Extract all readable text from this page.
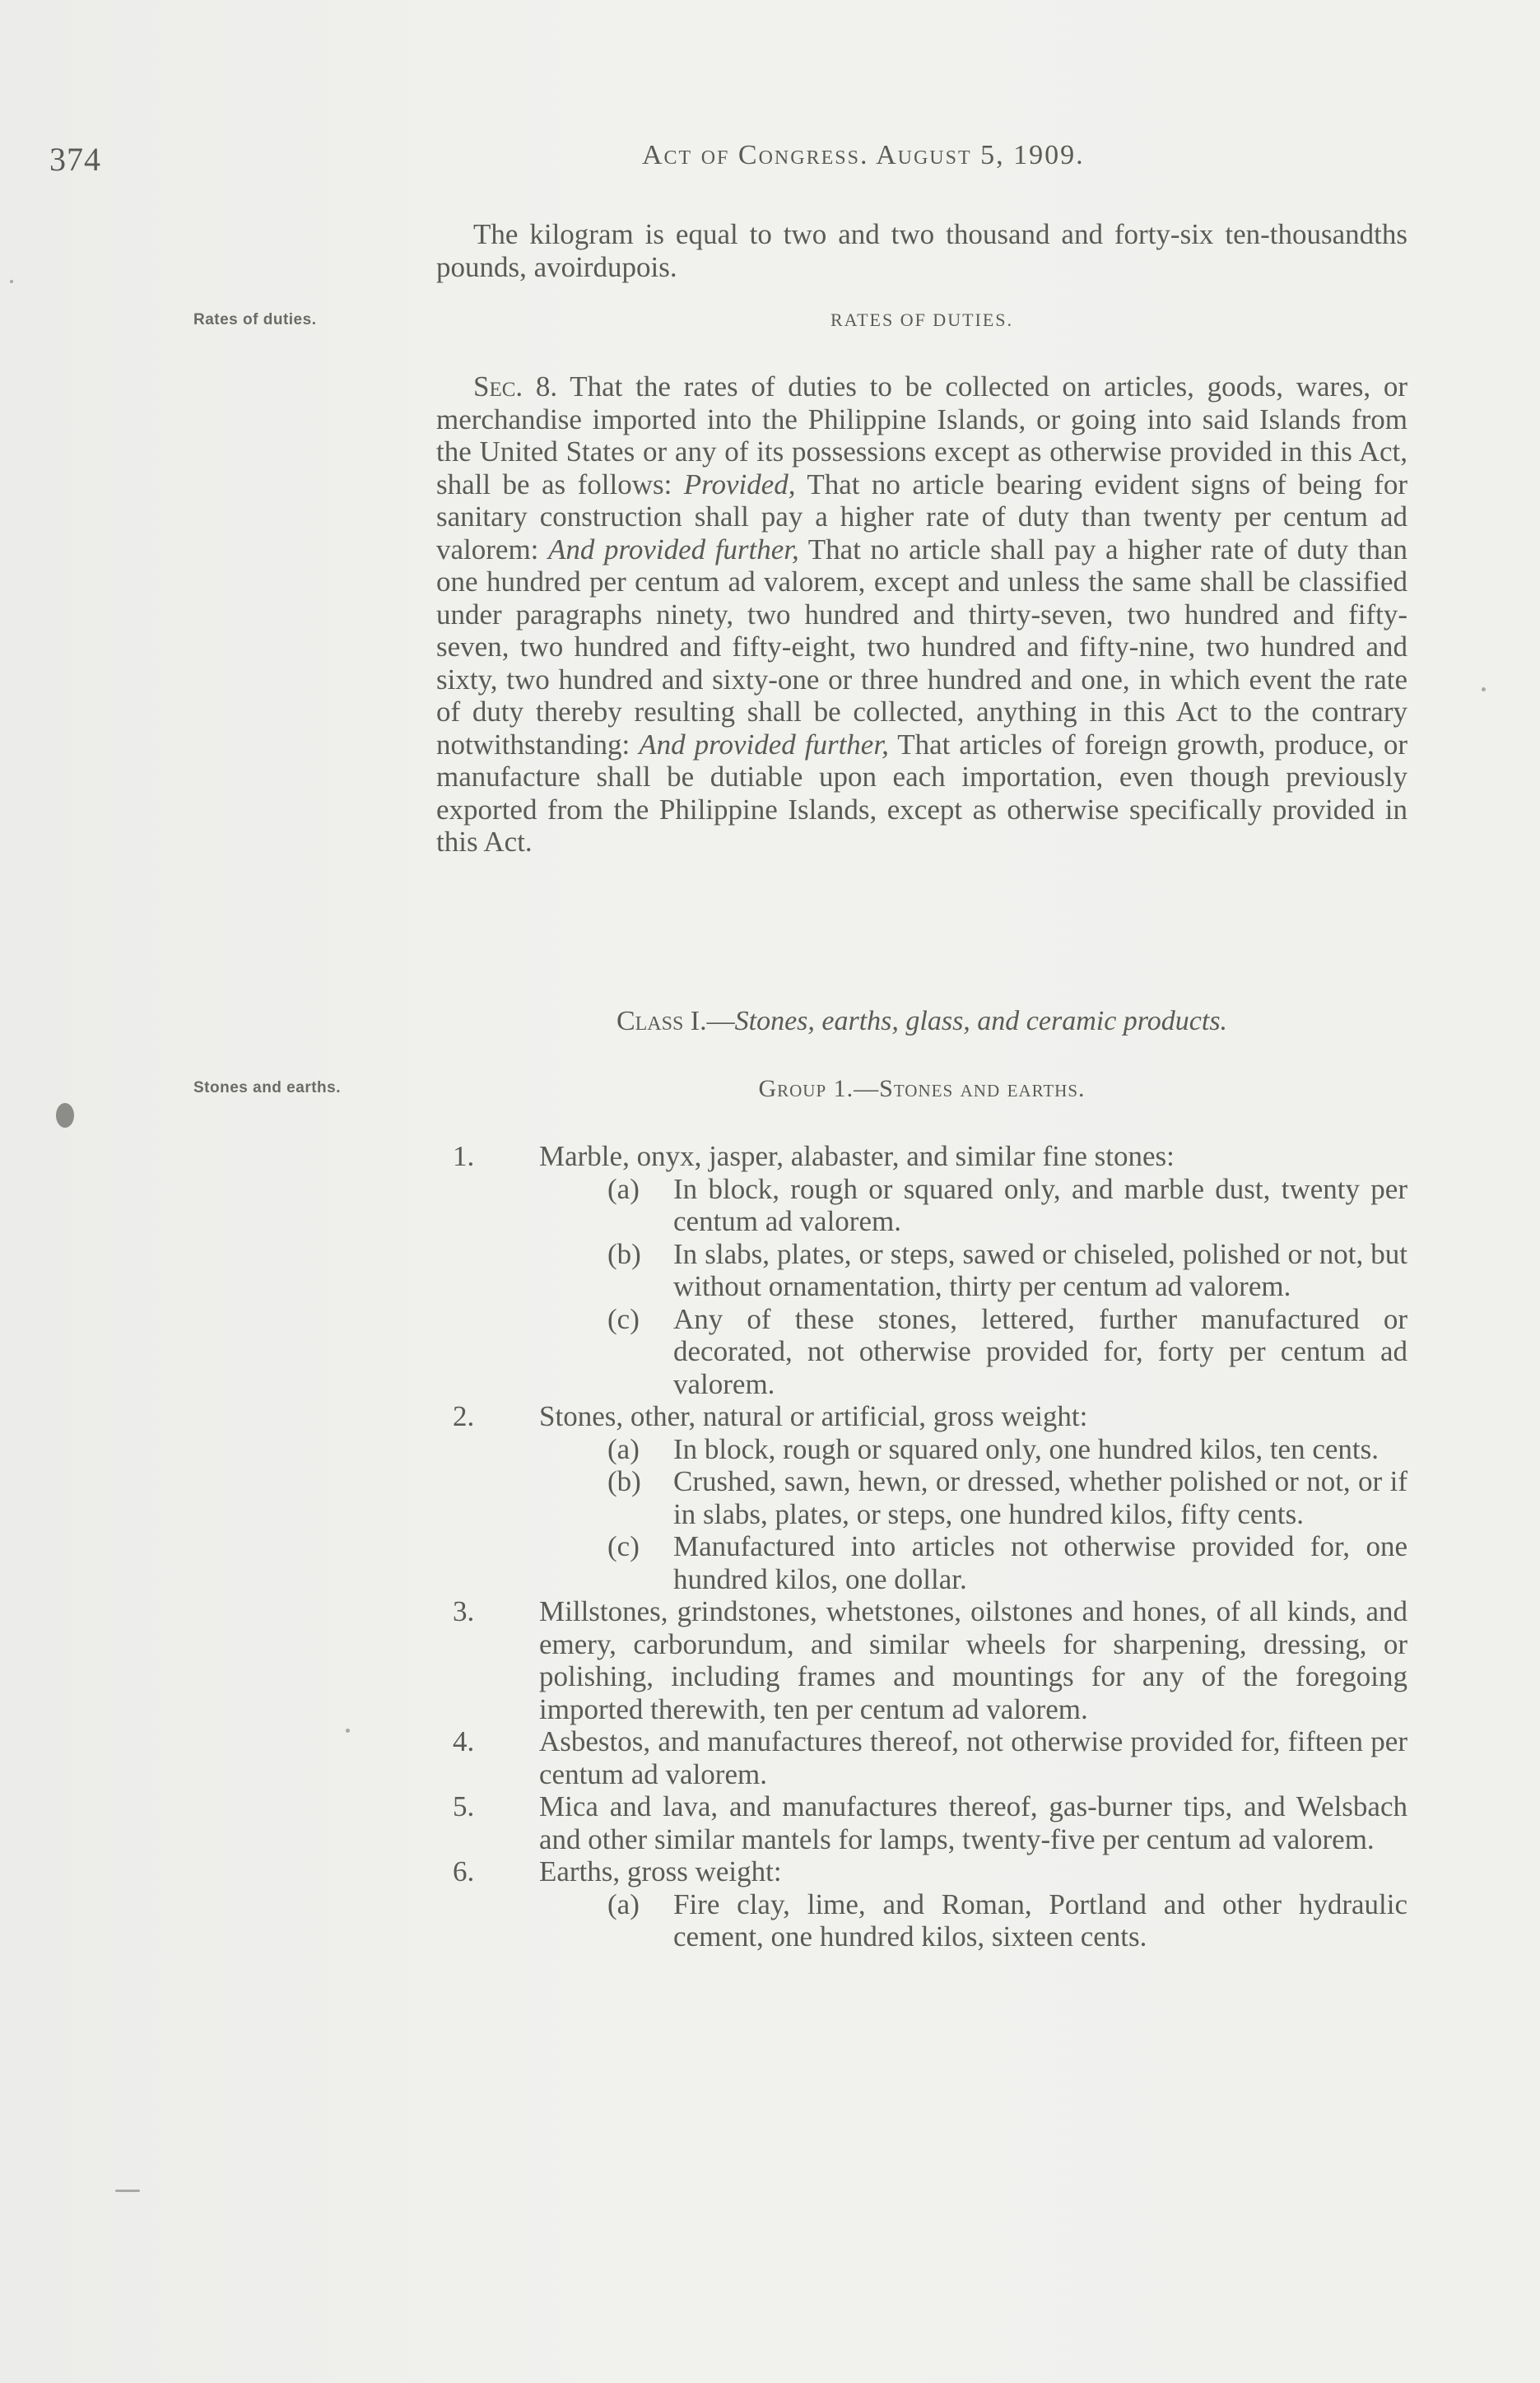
374	Act of Congress. August 5, 1909.
The kilogram is equal to two and two thousand and forty-six ten-thousandths pounds, avoirdupois.
Rates of duties.	RATES OF DUTIES.
Sec. 8. That the rates of duties to be collected on articles, goods, wares, or merchandise imported into the Philippine Islands, or going into said Islands from the United States or any of its possessions except as otherwise provided in this Act, shall be as follows: Provided, That no article bearing evident signs of being for sanitary construction shall pay a higher rate of duty than twenty per centum ad valorem: And provided further, That no article shall pay a higher rate of duty than one hundred per centum ad valorem, except and unless the same shall be classified under paragraphs ninety, two hundred and thirty-seven, two hundred and fifty-seven, two hundred and fifty-eight, two hundred and fifty-nine, two hundred and sixty, two hundred and sixty-one or three hundred and one, in which event the rate of duty thereby resulting shall be collected, anything in this Act to the contrary notwithstanding: And provided further, That articles of foreign growth, produce, or manufacture shall be dutiable upon each importation, even though previously exported from the Philippine Islands, except as otherwise specifically provided in this Act.
Class I.—Stones, earths, glass, and ceramic products.
Stones and earths.	Group 1.—Stones and earths.
1. Marble, onyx, jasper, alabaster, and similar fine stones:
(a) In block, rough or squared only, and marble dust, twenty per centum ad valorem.
(b) In slabs, plates, or steps, sawed or chiseled, polished or not, but without ornamentation, thirty per centum ad valorem.
(c) Any of these stones, lettered, further manufactured or decorated, not otherwise provided for, forty per centum ad valorem.
2. Stones, other, natural or artificial, gross weight:
(a) In block, rough or squared only, one hundred kilos, ten cents.
(b) Crushed, sawn, hewn, or dressed, whether polished or not, or if in slabs, plates, or steps, one hundred kilos, fifty cents.
(c) Manufactured into articles not otherwise provided for, one hundred kilos, one dollar.
3. Millstones, grindstones, whetstones, oilstones and hones, of all kinds, and emery, carborundum, and similar wheels for sharpening, dressing, or polishing, including frames and mountings for any of the foregoing imported therewith, ten per centum ad valorem.
4. Asbestos, and manufactures thereof, not otherwise provided for, fifteen per centum ad valorem.
5. Mica and lava, and manufactures thereof, gas-burner tips, and Welsbach and other similar mantels for lamps, twenty-five per centum ad valorem.
6. Earths, gross weight:
(a) Fire clay, lime, and Roman, Portland and other hydraulic cement, one hundred kilos, sixteen cents.
